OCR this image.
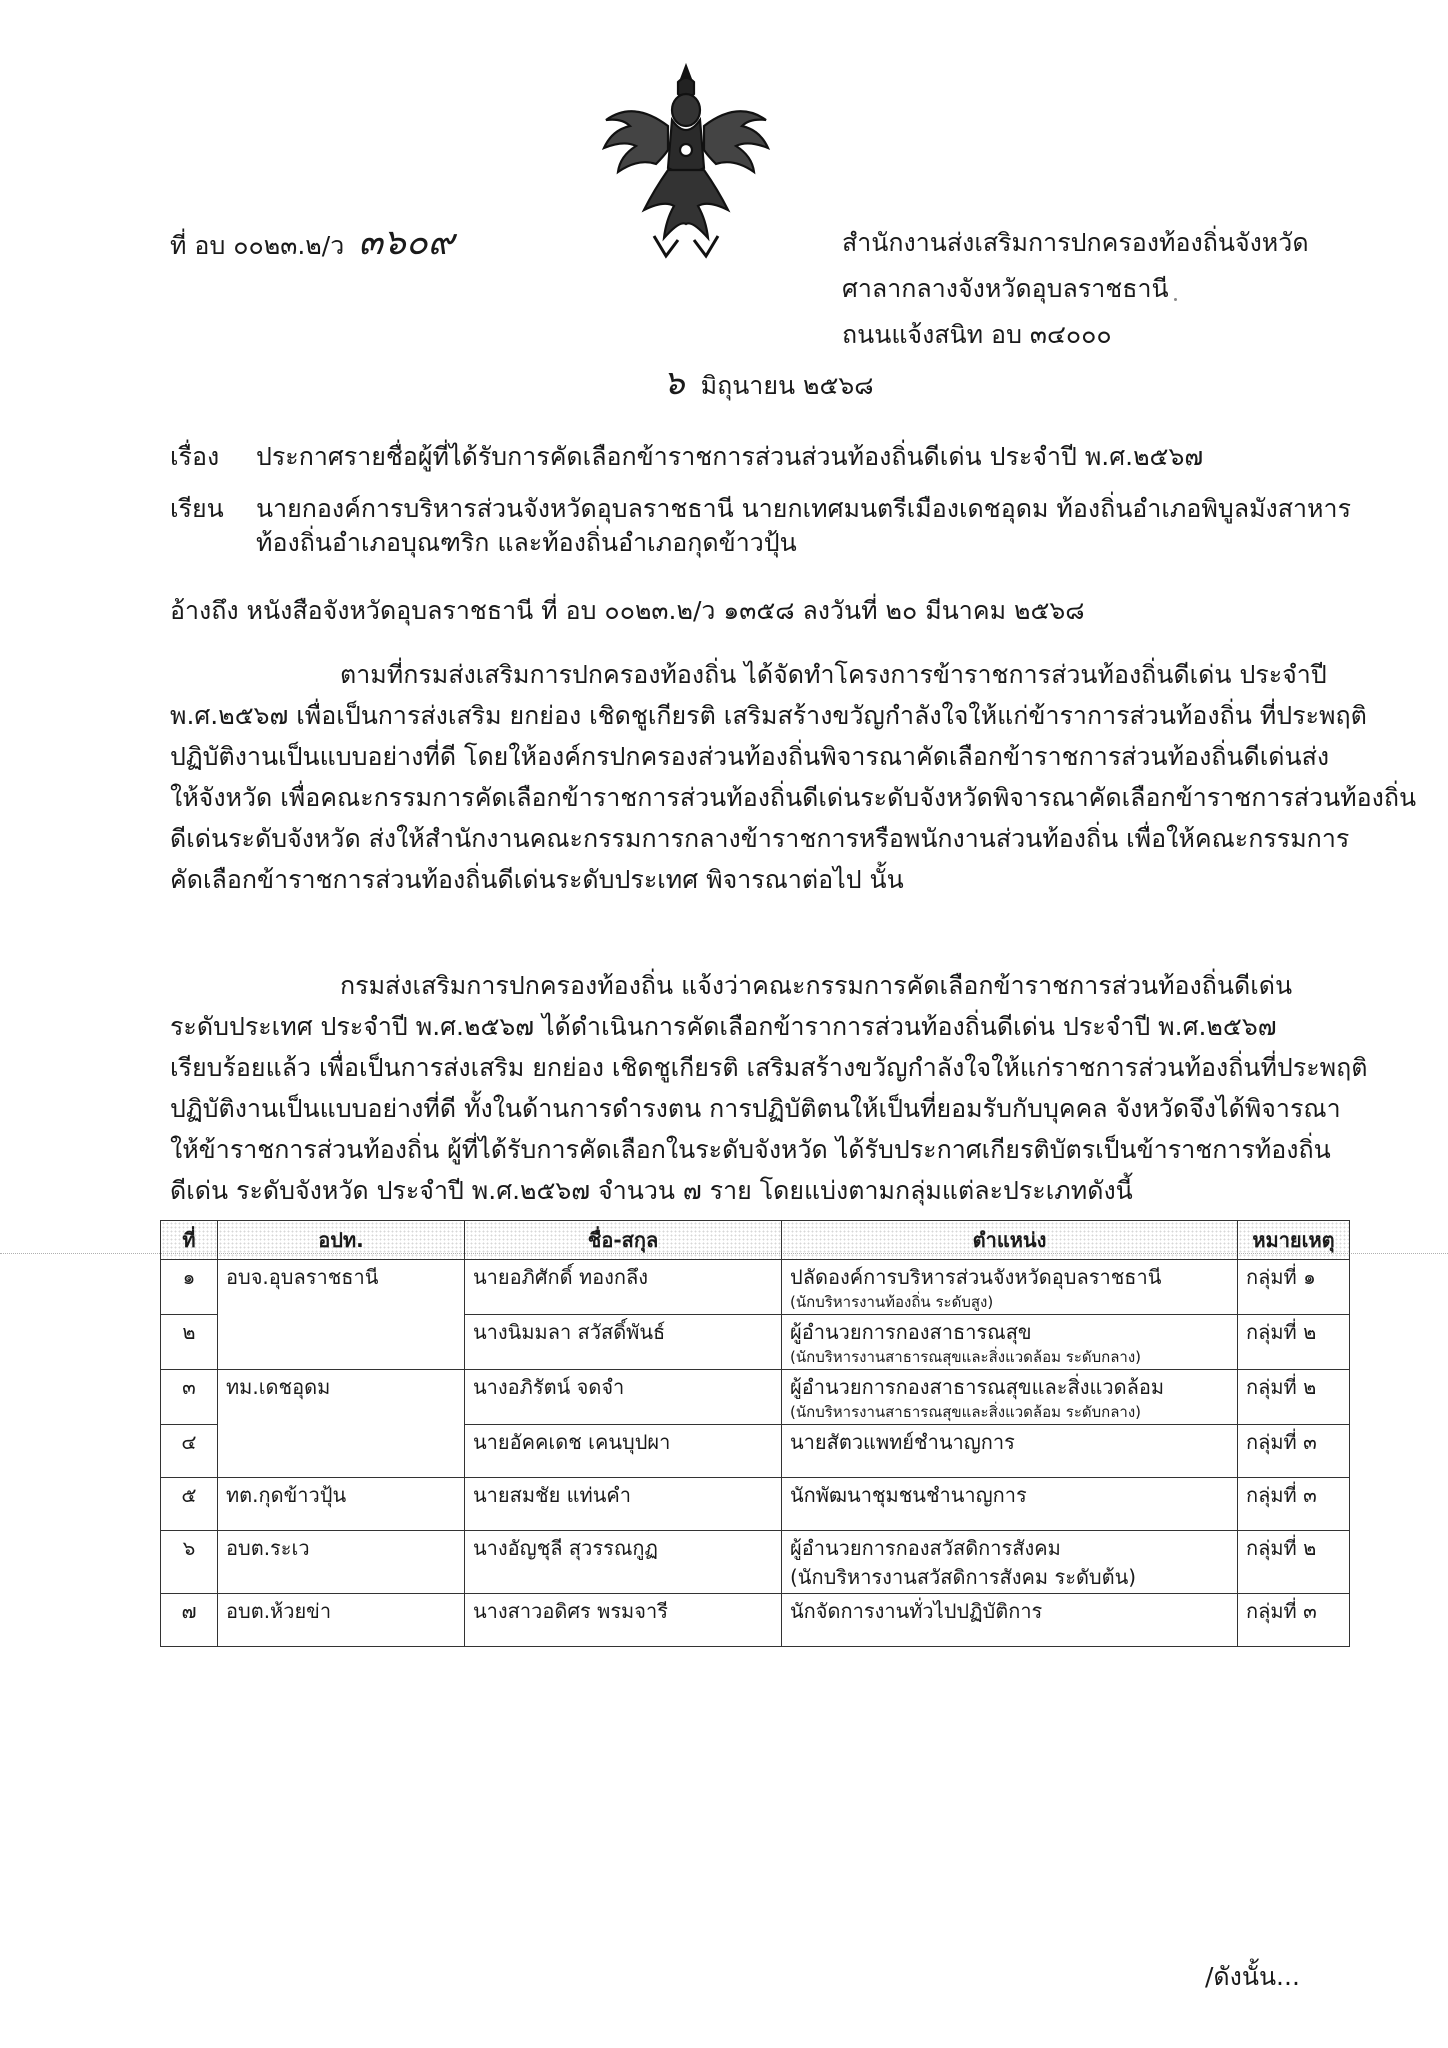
ที่ อบ ๐๐๒๓.๒/ว ๓๖๐๙	สำนักงานส่งเสริมการปกครองท้องถิ่นจังหวัด
ศาลากลางจังหวัดอุบลราชธานี
ถนนแจ้งสนิท อบ ๓๔๐๐๐
๖ มิถุนายน ๒๕๖๘
เรื่อง ประกาศรายชื่อผู้ที่ได้รับการคัดเลือกข้าราชการส่วนส่วนท้องถิ่นดีเด่น ประจำปี พ.ศ.๒๕๖๗
เรียน นายกองค์การบริหารส่วนจังหวัดอุบลราชธานี นายกเทศมนตรีเมืองเดชอุดม ท้องถิ่นอำเภอพิบูลมังสาหาร
ท้องถิ่นอำเภอบุณฑริก และท้องถิ่นอำเภอกุดข้าวปุ้น
อ้างถึง หนังสือจังหวัดอุบลราชธานี ที่ อบ ๐๐๒๓.๒/ว ๑๓๕๘ ลงวันที่ ๒๐ มีนาคม ๒๕๖๘

ตามที่กรมส่งเสริมการปกครองท้องถิ่น ได้จัดทำโครงการข้าราชการส่วนท้องถิ่นดีเด่น ประจำปี

พ.ศ.๒๕๖๗ เพื่อเป็นการส่งเสริม ยกย่อง เชิดชูเกียรติ เสริมสร้างขวัญกำลังใจให้แก่ข้าราการส่วนท้องถิ่น ที่ประพฤติ

ปฏิบัติงานเป็นแบบอย่างที่ดี โดยให้องค์กรปกครองส่วนท้องถิ่นพิจารณาคัดเลือกข้าราชการส่วนท้องถิ่นดีเด่นส่ง

ให้จังหวัด เพื่อคณะกรรมการคัดเลือกข้าราชการส่วนท้องถิ่นดีเด่นระดับจังหวัดพิจารณาคัดเลือกข้าราชการส่วนท้องถิ่น

ดีเด่นระดับจังหวัด ส่งให้สำนักงานคณะกรรมการกลางข้าราชการหรือพนักงานส่วนท้องถิ่น เพื่อให้คณะกรรมการ

คัดเลือกข้าราชการส่วนท้องถิ่นดีเด่นระดับประเทศ พิจารณาต่อไป นั้น

กรมส่งเสริมการปกครองท้องถิ่น แจ้งว่าคณะกรรมการคัดเลือกข้าราชการส่วนท้องถิ่นดีเด่น

ระดับประเทศ ประจำปี พ.ศ.๒๕๖๗ ได้ดำเนินการคัดเลือกข้าราการส่วนท้องถิ่นดีเด่น ประจำปี พ.ศ.๒๕๖๗

เรียบร้อยแล้ว เพื่อเป็นการส่งเสริม ยกย่อง เชิดชูเกียรติ เสริมสร้างขวัญกำลังใจให้แก่ราชการส่วนท้องถิ่นที่ประพฤติ

ปฏิบัติงานเป็นแบบอย่างที่ดี ทั้งในด้านการดำรงตน การปฏิบัติตนให้เป็นที่ยอมรับกับบุคคล จังหวัดจึงได้พิจารณา

ให้ข้าราชการส่วนท้องถิ่น ผู้ที่ได้รับการคัดเลือกในระดับจังหวัด ได้รับประกาศเกียรติบัตรเป็นข้าราชการท้องถิ่น

ดีเด่น ระดับจังหวัด ประจำปี พ.ศ.๒๕๖๗ จำนวน ๗ ราย โดยแบ่งตามกลุ่มแต่ละประเภทดังนี้

ที่	อปท.	ชื่อ-สกุล	ตำแหน่ง	หมายเหตุ
๑	อบจ.อุบลราชธานี	นายอภิศักดิ์ ทองกลึง	ปลัดองค์การบริหารส่วนจังหวัดอุบลราชธานี
(นักบริหารงานท้องถิ่น ระดับสูง)	กลุ่มที่ ๑
๒		นางนิมมลา สวัสดิ์พันธ์	ผู้อำนวยการกองสาธารณสุข
(นักบริหารงานสาธารณสุขและสิ่งแวดล้อม ระดับกลาง)	กลุ่มที่ ๒
๓	ทม.เดชอุดม	นางอภิรัตน์ จดจำ	ผู้อำนวยการกองสาธารณสุขและสิ่งแวดล้อม
(นักบริหารงานสาธารณสุขและสิ่งแวดล้อม ระดับกลาง)	กลุ่มที่ ๒
๔		นายอัคคเดช เคนบุปผา	นายสัตวแพทย์ชำนาญการ	กลุ่มที่ ๓
๕	ทต.กุดข้าวปุ้น	นายสมชัย แท่นคำ	นักพัฒนาชุมชนชำนาญการ	กลุ่มที่ ๓
๖	อบต.ระเว	นางอัญชุลี สุวรรณกูฏ	ผู้อำนวยการกองสวัสดิการสังคม
(นักบริหารงานสวัสดิการสังคม ระดับต้น)	กลุ่มที่ ๒
๗	อบต.ห้วยข่า	นางสาวอดิศร พรมจารี	นักจัดการงานทั่วไปปฏิบัติการ	กลุ่มที่ ๓
/ดังนั้น...
